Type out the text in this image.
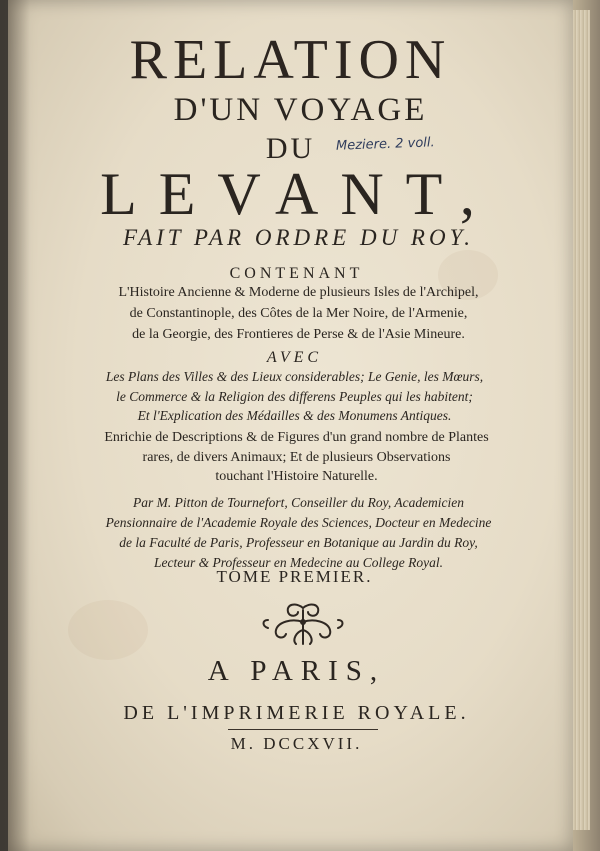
RELATION
D'UN VOYAGE
DU	Meziere. 2 voll.
LEVANT,
FAIT PAR ORDRE DU ROY.
CONTENANT
L'Histoire Ancienne & Moderne de plusieurs Isles de l'Archipel,
de Constantinople, des Côtes de la Mer Noire, de l'Armenie,
de la Georgie, des Frontieres de Perse & de l'Asie Mineure.
AVEC
Les Plans des Villes & des Lieux considerables; Le Genie, les Mœurs,
le Commerce & la Religion des differens Peuples qui les habitent;
Et l'Explication des Médailles & des Monumens Antiques.
Enrichie de Descriptions & de Figures d'un grand nombre de Plantes
rares, de divers Animaux; Et de plusieurs Observations
touchant l'Histoire Naturelle.
Par M. Pitton de Tournefort, Conseiller du Roy, Academicien
Pensionnaire de l'Academie Royale des Sciences, Docteur en Medecine
de la Faculté de Paris, Professeur en Botanique au Jardin du Roy,
Lecteur & Professeur en Medecine au College Royal.
TOME PREMIER.
A PARIS,
DE L'IMPRIMERIE ROYALE.
M. DCCXVII.
